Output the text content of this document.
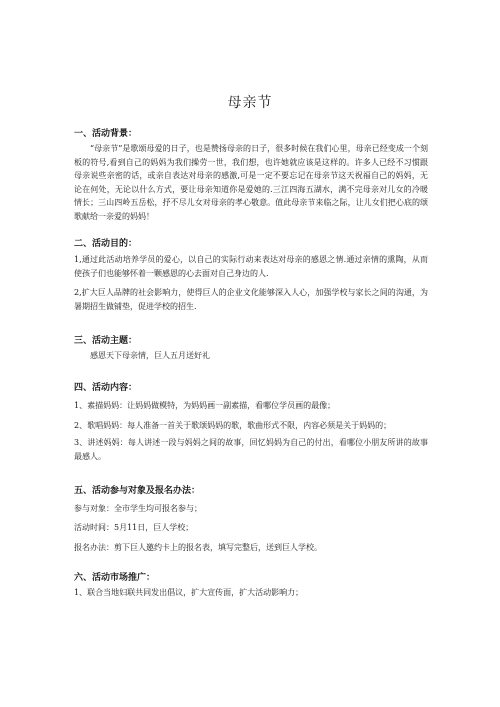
母亲节
一、活动背景：
“母亲节”是歌颂母爱的日子，也是赞扬母亲的日子，很多时候在我们心里，母亲已经变成一个刻板的符号,看到自己的妈妈为我们操劳一世，我们想，也许她就应该是这样的。许多人已经不习惯跟母亲说些亲密的话，或亲自表达对母亲的感激,可是一定不要忘记在母亲节这天祝福自己的妈妈，无论在何处，无论以什么方式，要让母亲知道你是爱她的.三江四海五湖水，满不完母亲对儿女的冷暖情长；三山四岭五岳松，抒不尽儿女对母亲的孝心敬意。值此母亲节来临之际，让儿女们把心底的颂歌献给一亲爱的妈妈！
二、活动目的：
1,通过此活动培养学员的爱心，以自己的实际行动来表达对母亲的感恩之情.通过亲情的熏陶，从而使孩子们也能够怀着一颗感恩的心去面对自己身边的人.
2,扩大巨人品牌的社会影响力，使得巨人的企业文化能够深入人心，加强学校与家长之间的沟通，为暑期招生做铺垫，促进学校的招生.
三、活动主题：
感恩天下母亲情，巨人五月送好礼
四、活动内容：
1、素描妈妈：让妈妈做模特，为妈妈画一副素描，看哪位学员画的最像；
2、歌唱妈妈：每人准备一首关于歌颂妈妈的歌，歌曲形式不限，内容必须是关于妈妈的；
3、讲述妈妈：每人讲述一段与妈妈之间的故事，回忆妈妈为自己的付出，看哪位小朋友所讲的故事最感人。
五、活动参与对象及报名办法：
参与对象：全市学生均可报名参与；
活动时间：5月11日，巨人学校；
报名办法：剪下巨人邀约卡上的报名表，填写完整后，送到巨人学校。
六、活动市场推广：
1、联合当地妇联共同发出倡议，扩大宣传面，扩大活动影响力；
